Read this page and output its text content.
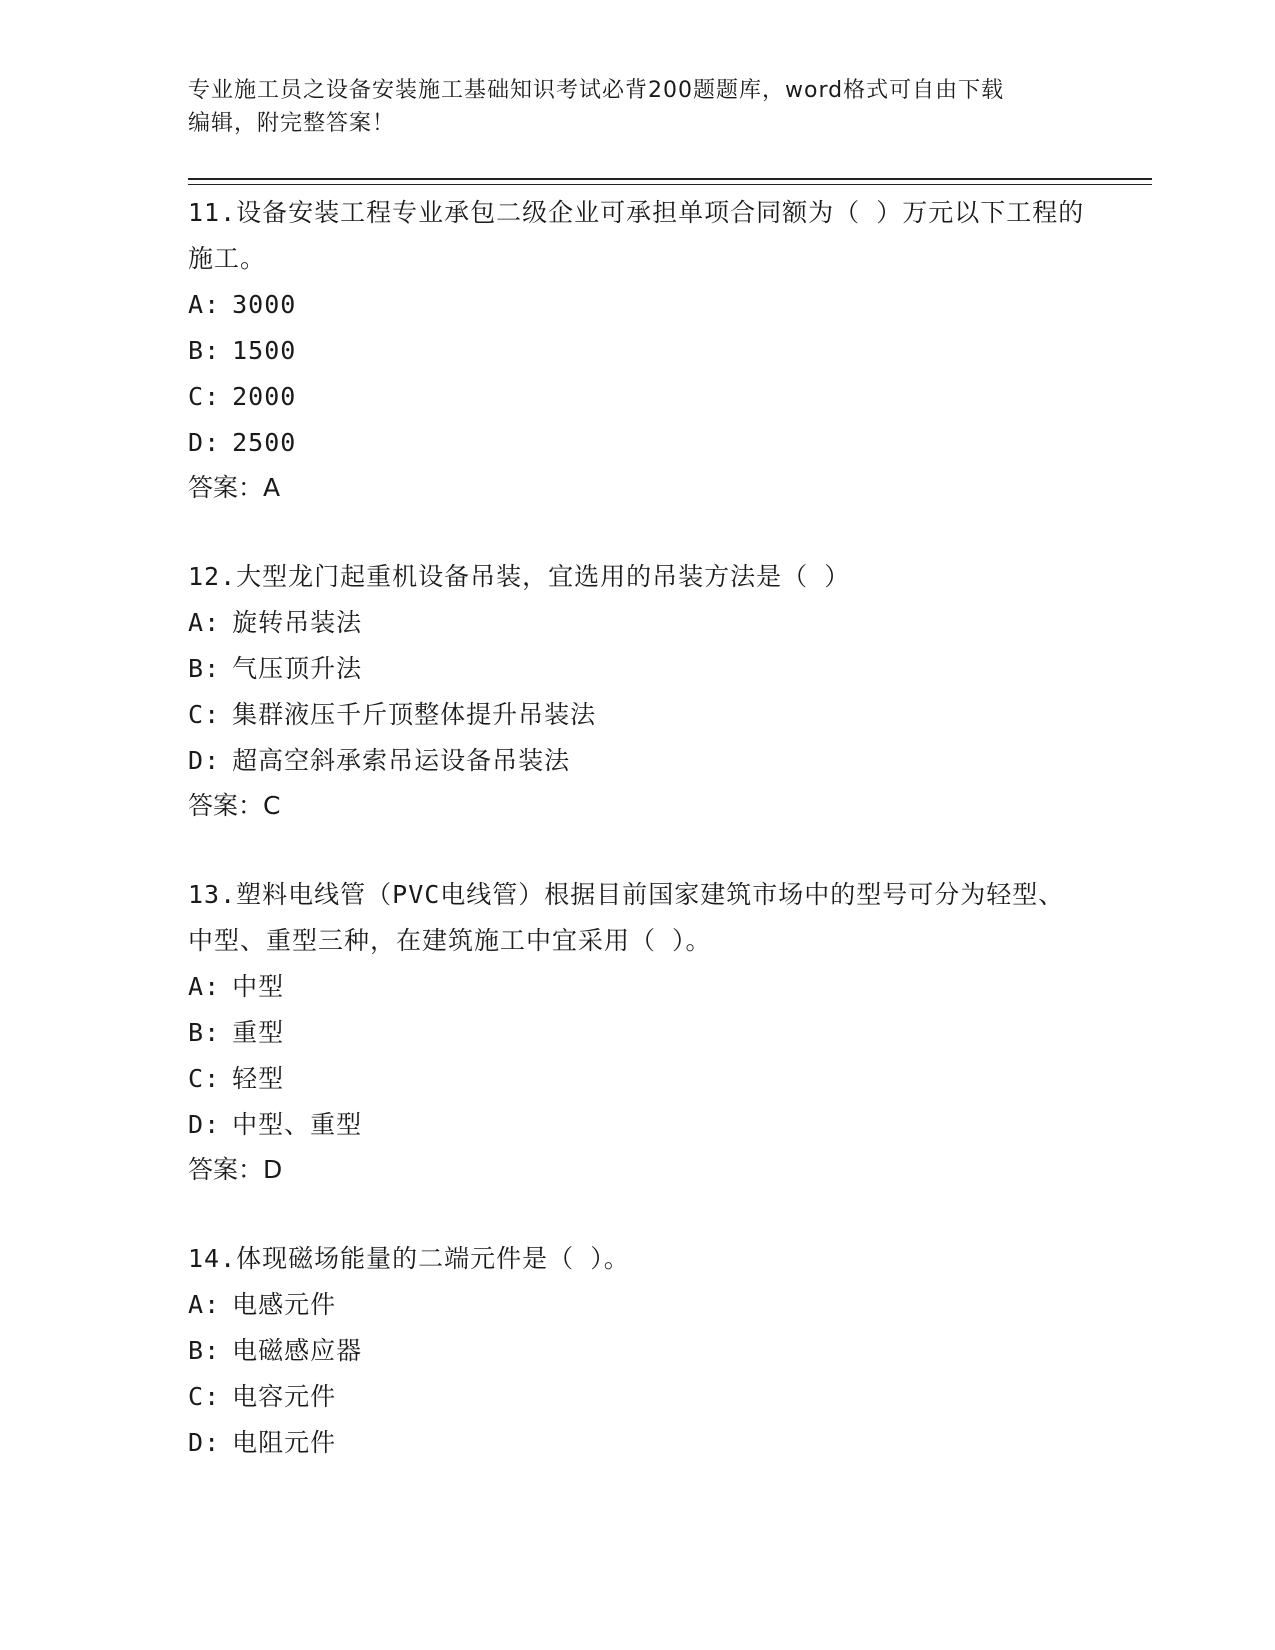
专业施工员之设备安装施工基础知识考试必背200题题库，word格式可自由下载
编辑，附完整答案！

11.设备安装工程专业承包二级企业可承担单项合同额为（ ）万元以下工程的施工。

A: 3000

B: 1500

C: 2000

D: 2500

答案：A

12.大型龙门起重机设备吊装，宜选用的吊装方法是（ ）

A: 旋转吊装法

B: 气压顶升法

C: 集群液压千斤顶整体提升吊装法

D: 超高空斜承索吊运设备吊装法

答案：C

13.塑料电线管（PVC电线管）根据目前国家建筑市场中的型号可分为轻型、中型、重型三种，在建筑施工中宜采用（ ）。

A: 中型

B: 重型

C: 轻型

D: 中型、重型

答案：D

14.体现磁场能量的二端元件是（ ）。

A: 电感元件

B: 电磁感应器

C: 电容元件

D: 电阻元件
